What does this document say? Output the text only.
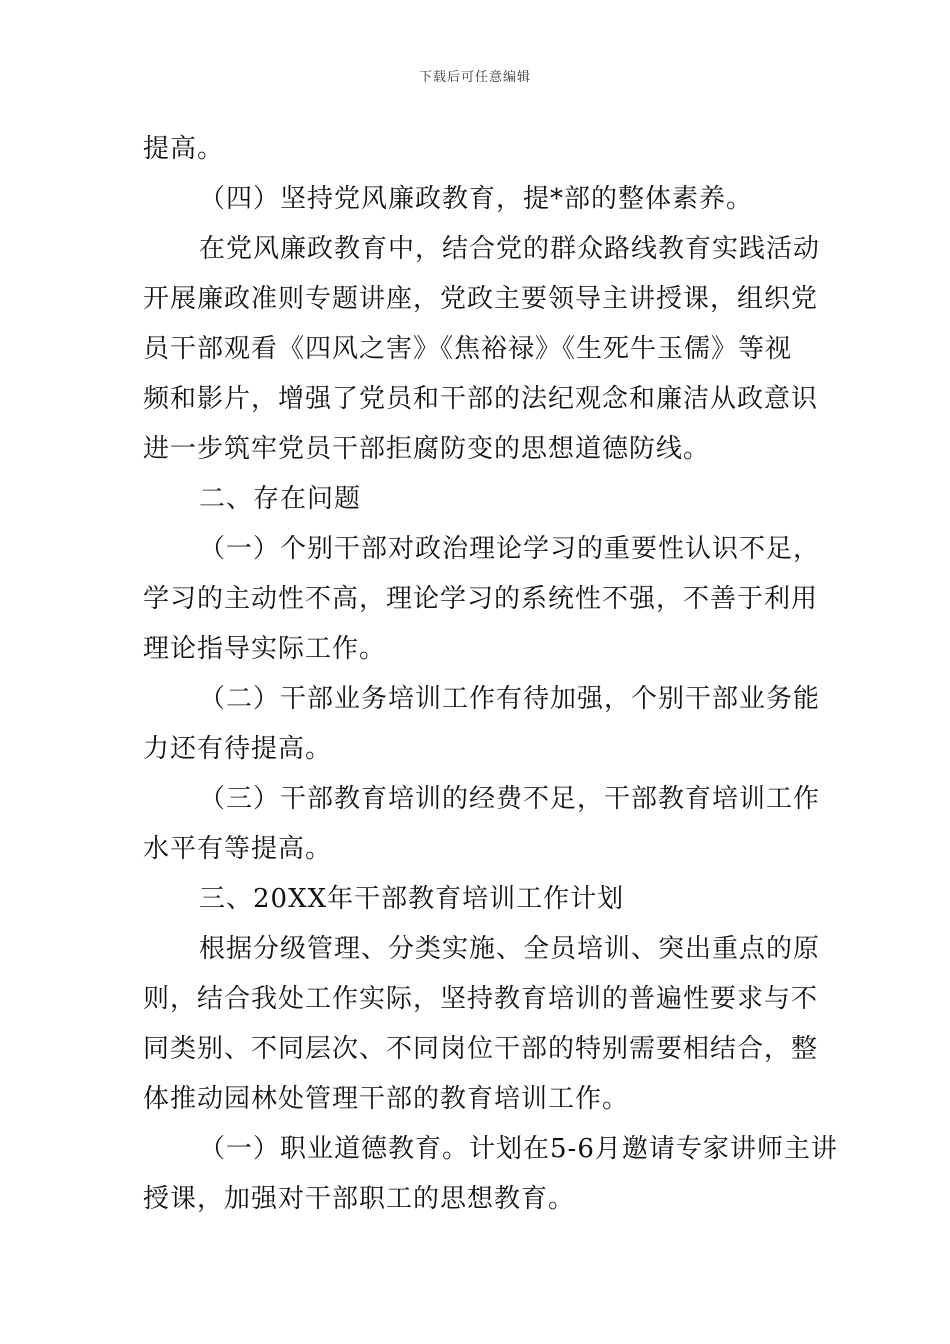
下载后可任意编辑
提高。
（四）坚持党风廉政教育，提*部的整体素养。
在党风廉政教育中，结合党的群众路线教育实践活动
开展廉政准则专题讲座，党政主要领导主讲授课，组织党
员干部观看《四风之害》《焦裕禄》《生死牛玉儒》等视
频和影片，增强了党员和干部的法纪观念和廉洁从政意识
进一步筑牢党员干部拒腐防变的思想道德防线。
二、存在问题
（一）个别干部对政治理论学习的重要性认识不足，
学习的主动性不高，理论学习的系统性不强，不善于利用
理论指导实际工作。
（二）干部业务培训工作有待加强，个别干部业务能
力还有待提高。
（三）干部教育培训的经费不足，干部教育培训工作
水平有等提高。
三、20XX年干部教育培训工作计划
根据分级管理、分类实施、全员培训、突出重点的原
则，结合我处工作实际，坚持教育培训的普遍性要求与不
同类别、不同层次、不同岗位干部的特别需要相结合，整
体推动园林处管理干部的教育培训工作。
（一）职业道德教育。计划在5-6月邀请专家讲师主讲
授课，加强对干部职工的思想教育。
